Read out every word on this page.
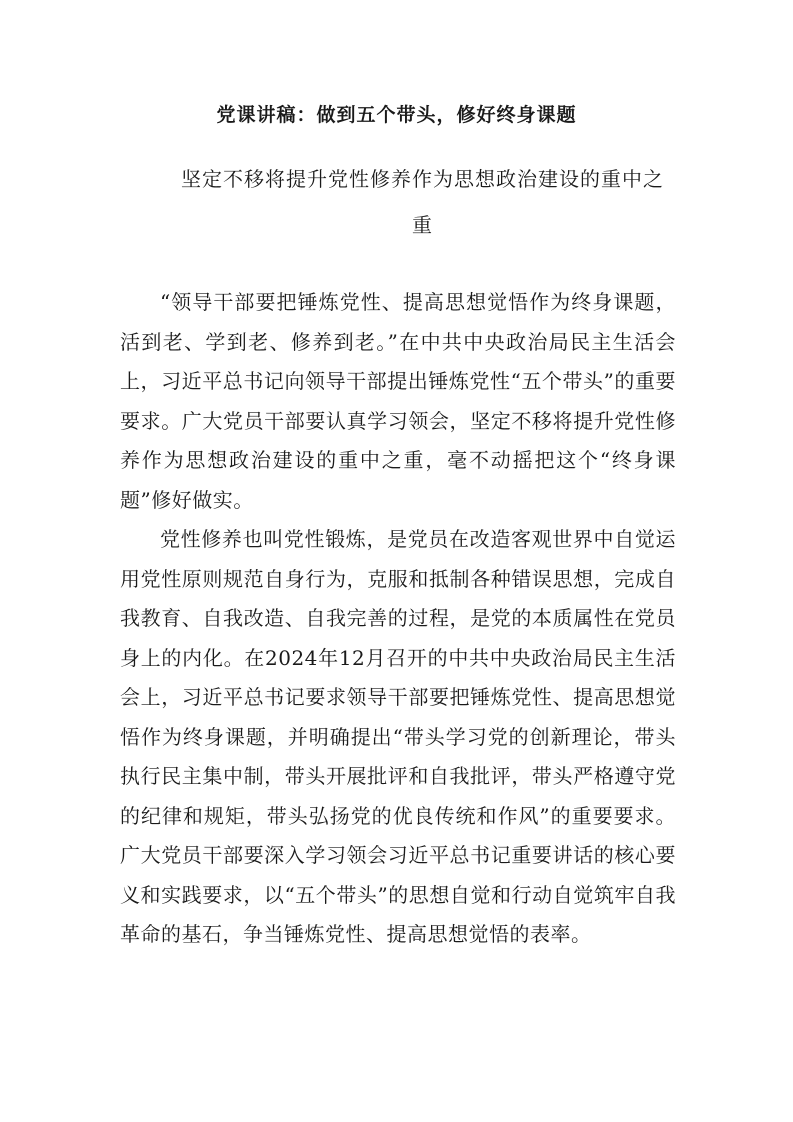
党课讲稿：做到五个带头，修好终身课题
坚定不移将提升党性修养作为思想政治建设的重中之重

“领导干部要把锤炼党性、提高思想觉悟作为终身课题，活到老、学到老、修养到老。”在中共中央政治局民主生活会上，习近平总书记向领导干部提出锤炼党性“五个带头”的重要要求。广大党员干部要认真学习领会，坚定不移将提升党性修养作为思想政治建设的重中之重，毫不动摇把这个“终身课题”修好做实。

党性修养也叫党性锻炼，是党员在改造客观世界中自觉运用党性原则规范自身行为，克服和抵制各种错误思想，完成自我教育、自我改造、自我完善的过程，是党的本质属性在党员身上的内化。在2024年12月召开的中共中央政治局民主生活会上，习近平总书记要求领导干部要把锤炼党性、提高思想觉悟作为终身课题，并明确提出“带头学习党的创新理论，带头执行民主集中制，带头开展批评和自我批评，带头严格遵守党的纪律和规矩，带头弘扬党的优良传统和作风”的重要要求。广大党员干部要深入学习领会习近平总书记重要讲话的核心要义和实践要求，以“五个带头”的思想自觉和行动自觉筑牢自我革命的基石，争当锤炼党性、提高思想觉悟的表率。
